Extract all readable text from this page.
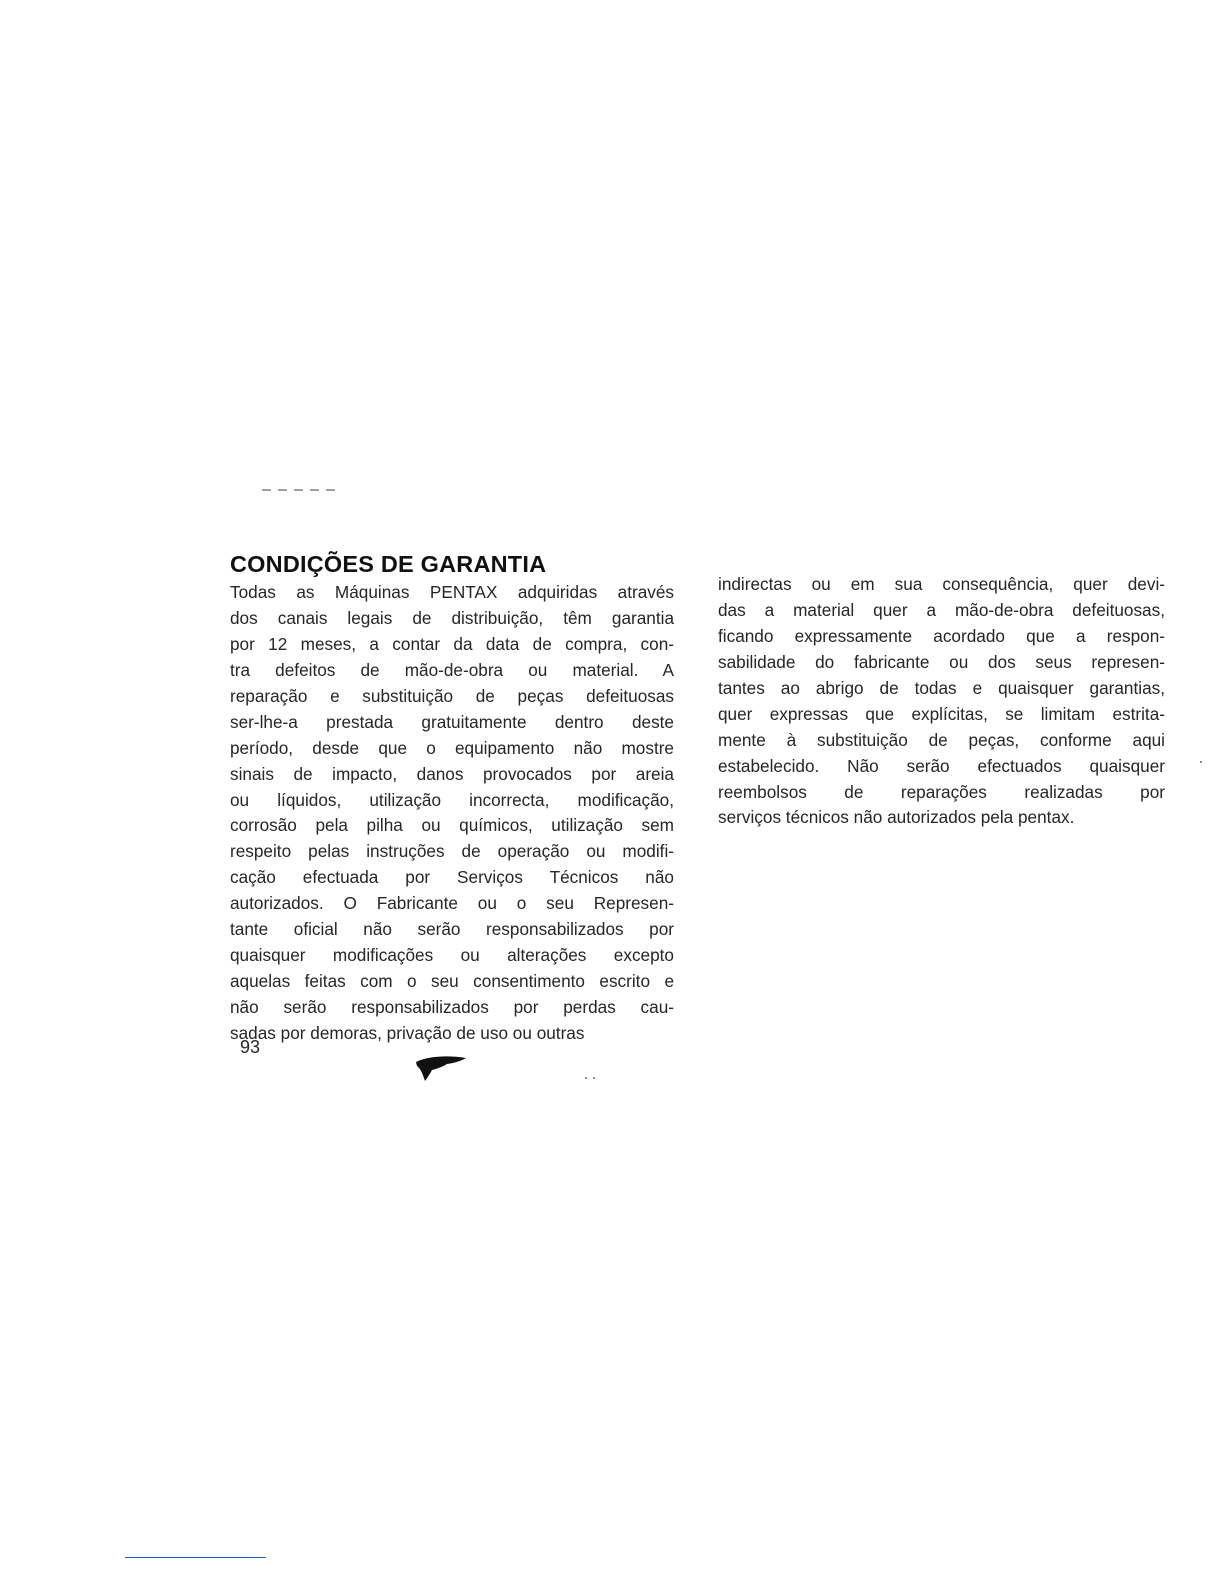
CONDIÇÕES DE GARANTIA
Todas as Máquinas PENTAX adquiridas através
dos canais legais de distribuição, têm garantia
por 12 meses, a contar da data de compra, con-
tra defeitos de mão-de-obra ou material. A
reparação e substituição de peças defeituosas
ser-lhe-a prestada gratuitamente dentro deste
período, desde que o equipamento não mostre
sinais de impacto, danos provocados por areia
ou líquidos, utilização incorrecta, modificação,
corrosão pela pilha ou químicos, utilização sem
respeito pelas instruções de operação ou modifi-
cação efectuada por Serviços Técnicos não
autorizados. O Fabricante ou o seu Represen-
tante oficial não serão responsabilizados por
quaisquer modificações ou alterações excepto
aquelas feitas com o seu consentimento escrito e
não serão responsabilizados por perdas cau-
sadas por demoras, privação de uso ou outras
indirectas ou em sua consequência, quer devi-
das a material quer a mão-de-obra defeituosas,
ficando expressamente acordado que a respon-
sabilidade do fabricante ou dos seus represen-
tantes ao abrigo de todas e quaisquer garantias,
quer expressas que explícitas, se limitam estrita-
mente à substituição de peças, conforme aqui
estabelecido. Não serão efectuados quaisquer
reembolsos de reparações realizadas por
serviços técnicos não autorizados pela pentax.
93
